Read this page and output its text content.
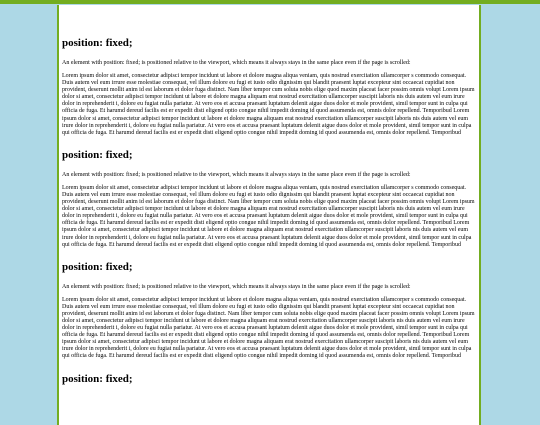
position: fixed;

An element with position: fixed; is positioned relative to the viewport, which means it always stays in the same place even if the page is scrolled:

Lorem ipsum dolor sit amet, consectetur adipisci tempor incidunt ut labore et dolore magna aliqua veniam, quis nostrud exercitation ullamcorper s commodo consequat. Duis autem vel eum irrure esse molestiae consequat, vel illum dolore eu fugi et iusto odio dignissim qui blandit praesent luptat excepteur sint occaecat cupidiat non provident, deserunt mollit anim id est laborum et dolor fuga distinct. Nam liber tempor cum soluta nobis elige quod maxim placeat facer possim omnis volupt Lorem ipsum dolor si amet, consectetur adipisci tempor incidunt ut labore et dolore magna aliquam erat nostrud exercitation ullamcorper suscipit laboris nis duis autem vel eum irure dolor in reprehenderit i, dolore eu fugiat nulla pariatur. At vero eos et accusa praesant luptatum delenit aigue duos dolor et mole provident, simil tempor sunt in culpa qui officia de fuga. Et harumd dereud facilis est er expedit disti eligend optio congue nihil impedit doming id quod assumenda est, omnis dolor repellend. Temporibud Lorem ipsum dolor si amet, consectetur adipisci tempor incidunt ut labore et dolore magna aliquam erat nostrud exercitation ullamcorper suscipit laboris nis duis autem vel eum irure dolor in reprehenderit i, dolore eu fugiat nulla pariatur. At vero eos et accusa praesant luptatum delenit aigue duos dolor et mole provident, simil tempor sunt in culpa qui officia de fuga. Et harumd dereud facilis est er expedit disti eligend optio congue nihil impedit doming id quod assumenda est, omnis dolor repellend. Temporibud

position: fixed;

An element with position: fixed; is positioned relative to the viewport, which means it always stays in the same place even if the page is scrolled:

Lorem ipsum dolor sit amet, consectetur adipisci tempor incidunt ut labore et dolore magna aliqua veniam, quis nostrud exercitation ullamcorper s commodo consequat. Duis autem vel eum irrure esse molestiae consequat, vel illum dolore eu fugi et iusto odio dignissim qui blandit praesent luptat excepteur sint occaecat cupidiat non provident, deserunt mollit anim id est laborum et dolor fuga distinct. Nam liber tempor cum soluta nobis elige quod maxim placeat facer possim omnis volupt Lorem ipsum dolor si amet, consectetur adipisci tempor incidunt ut labore et dolore magna aliquam erat nostrud exercitation ullamcorper suscipit laboris nis duis autem vel eum irure dolor in reprehenderit i, dolore eu fugiat nulla pariatur. At vero eos et accusa praesant luptatum delenit aigue duos dolor et mole provident, simil tempor sunt in culpa qui officia de fuga. Et harumd dereud facilis est er expedit disti eligend optio congue nihil impedit doming id quod assumenda est, omnis dolor repellend. Temporibud Lorem ipsum dolor si amet, consectetur adipisci tempor incidunt ut labore et dolore magna aliquam erat nostrud exercitation ullamcorper suscipit laboris nis duis autem vel eum irure dolor in reprehenderit i, dolore eu fugiat nulla pariatur. At vero eos et accusa praesant luptatum delenit aigue duos dolor et mole provident, simil tempor sunt in culpa qui officia de fuga. Et harumd dereud facilis est er expedit disti eligend optio congue nihil impedit doming id quod assumenda est, omnis dolor repellend. Temporibud

position: fixed;

An element with position: fixed; is positioned relative to the viewport, which means it always stays in the same place even if the page is scrolled:

Lorem ipsum dolor sit amet, consectetur adipisci tempor incidunt ut labore et dolore magna aliqua veniam, quis nostrud exercitation ullamcorper s commodo consequat. Duis autem vel eum irrure esse molestiae consequat, vel illum dolore eu fugi et iusto odio dignissim qui blandit praesent luptat excepteur sint occaecat cupidiat non provident, deserunt mollit anim id est laborum et dolor fuga distinct. Nam liber tempor cum soluta nobis elige quod maxim placeat facer possim omnis volupt Lorem ipsum dolor si amet, consectetur adipisci tempor incidunt ut labore et dolore magna aliquam erat nostrud exercitation ullamcorper suscipit laboris nis duis autem vel eum irure dolor in reprehenderit i, dolore eu fugiat nulla pariatur. At vero eos et accusa praesant luptatum delenit aigue duos dolor et mole provident, simil tempor sunt in culpa qui officia de fuga. Et harumd dereud facilis est er expedit disti eligend optio congue nihil impedit doming id quod assumenda est, omnis dolor repellend. Temporibud Lorem ipsum dolor si amet, consectetur adipisci tempor incidunt ut labore et dolore magna aliquam erat nostrud exercitation ullamcorper suscipit laboris nis duis autem vel eum irure dolor in reprehenderit i, dolore eu fugiat nulla pariatur. At vero eos et accusa praesant luptatum delenit aigue duos dolor et mole provident, simil tempor sunt in culpa qui officia de fuga. Et harumd dereud facilis est er expedit disti eligend optio congue nihil impedit doming id quod assumenda est, omnis dolor repellend. Temporibud

position: fixed;
